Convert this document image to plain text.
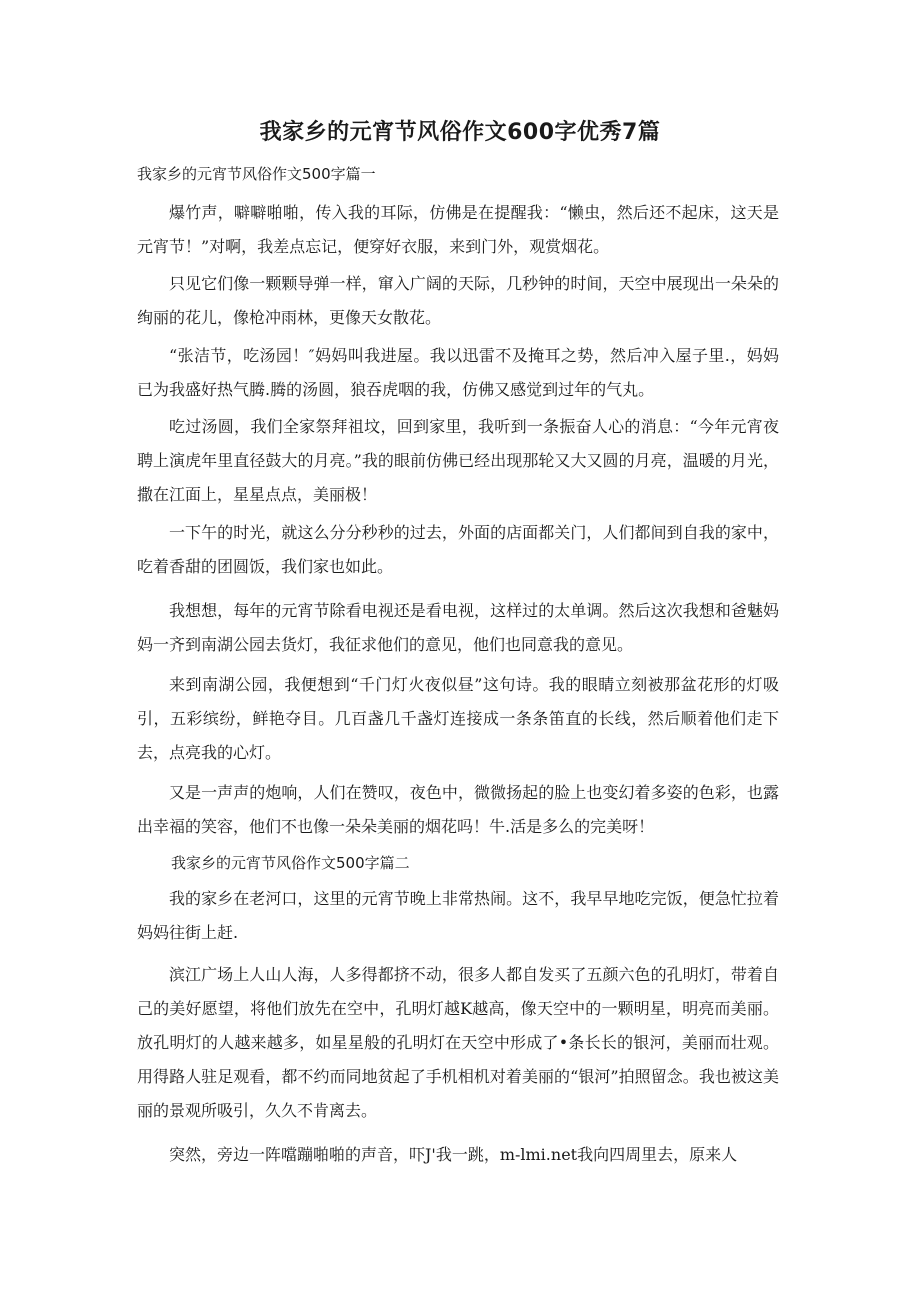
我家乡的元宵节风俗作文600字优秀7篇

我家乡的元宵节风俗作文500字篇一

爆竹声，噼噼啪啪，传入我的耳际，仿佛是在提醒我：“懒虫，然后还不起床，这天是元宵节！”对啊，我差点忘记，便穿好衣服，来到门外，观赏烟花。

只见它们像一颗颗导弹一样，窜入广阔的天际，几秒钟的时间，天空中展现出一朵朵的绚丽的花儿，像枪冲雨林，更像天女散花。

“张洁节，吃汤园！″妈妈叫我进屋。我以迅雷不及掩耳之势，然后冲入屋子里.，妈妈已为我盛好热气腾.腾的汤圆，狼吞虎咽的我，仿佛又感觉到过年的气丸。

吃过汤圆，我们全家祭拜祖坟，回到家里，我听到一条振奋人心的消息：“今年元宵夜聘上演虎年里直径鼓大的月亮。”我的眼前仿佛已经出现那轮又大又圆的月亮，温暖的月光，撒在江面上，星星点点，美丽极！

一下午的时光，就这么分分秒秒的过去，外面的店面都关门，人们都间到自我的家中，吃着香甜的团圆饭，我们家也如此。

我想想，每年的元宵节除看电视还是看电视，这样过的太单调。然后这次我想和爸魅妈妈一齐到南湖公园去货灯，我征求他们的意见，他们也同意我的意见。

来到南湖公园，我便想到“千门灯火夜似昼”这句诗。我的眼睛立刻被那盆花形的灯吸引，五彩缤纷，鲜艳夺目。几百盏几千盏灯连接成一条条笛直的长线，然后顺着他们走下去，点亮我的心灯。

又是一声声的炮响，人们在赞叹，夜色中，微微扬起的脸上也变幻着多姿的色彩，也露出幸福的笑容，他们不也像一朵朵美丽的烟花吗！牛.活是多么的完美呀！

我家乡的元宵节风俗作文500字篇二

我的家乡在老河口，这里的元宵节晚上非常热闹。这不，我早早地吃完饭，便急忙拉着妈妈往街上赶.

滨江广场上人山人海，人多得都挤不动，很多人都自发买了五颜六色的孔明灯，带着自己的美好愿望，将他们放先在空中，孔明灯越K越高，像天空中的一颗明星，明亮而美丽。放孔明灯的人越来越多，如星星般的孔明灯在天空中形成了•条长长的银河，美丽而壮观。用得路人驻足观看，都不约而同地贫起了手机相机对着美丽的“银河”拍照留念。我也被这美丽的景观所吸引，久久不肯离去。

突然，旁边一阵噹蹦啪啪的声音，吓J'我一跳，m-lmi.net我向四周里去，原来人
